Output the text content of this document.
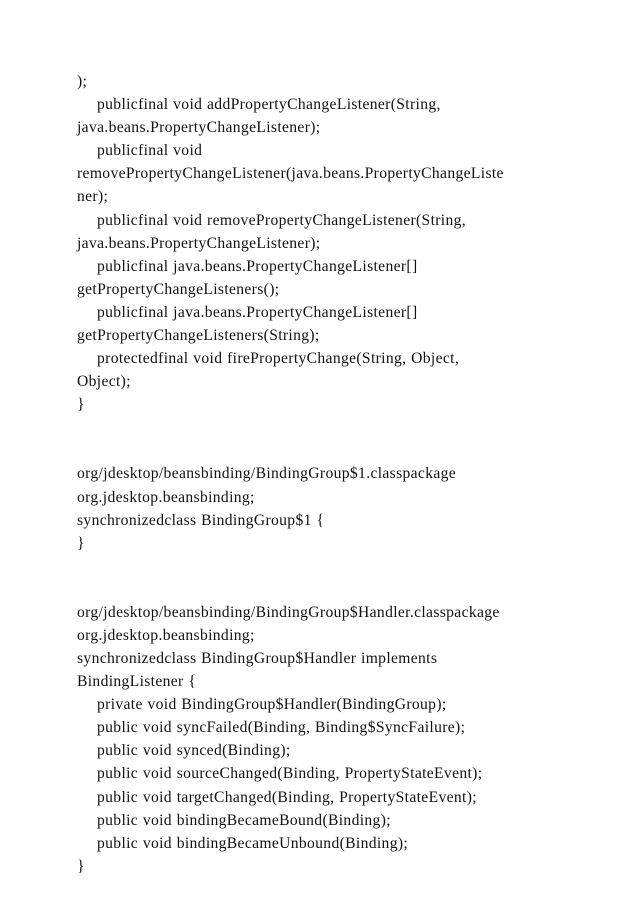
);
publicfinal void addPropertyChangeListener(String,
java.beans.PropertyChangeListener);
publicfinal void
removePropertyChangeListener(java.beans.PropertyChangeListe
ner);
publicfinal void removePropertyChangeListener(String,
java.beans.PropertyChangeListener);
publicfinal java.beans.PropertyChangeListener[]
getPropertyChangeListeners();
publicfinal java.beans.PropertyChangeListener[]
getPropertyChangeListeners(String);
protectedfinal void firePropertyChange(String, Object,
Object);
}
org/jdesktop/beansbinding/BindingGroup$1.classpackage
org.jdesktop.beansbinding;
synchronizedclass BindingGroup$1 {
}
org/jdesktop/beansbinding/BindingGroup$Handler.classpackage
org.jdesktop.beansbinding;
synchronizedclass BindingGroup$Handler implements
BindingListener {
private void BindingGroup$Handler(BindingGroup);
public void syncFailed(Binding, Binding$SyncFailure);
public void synced(Binding);
public void sourceChanged(Binding, PropertyStateEvent);
public void targetChanged(Binding, PropertyStateEvent);
public void bindingBecameBound(Binding);
public void bindingBecameUnbound(Binding);
}
